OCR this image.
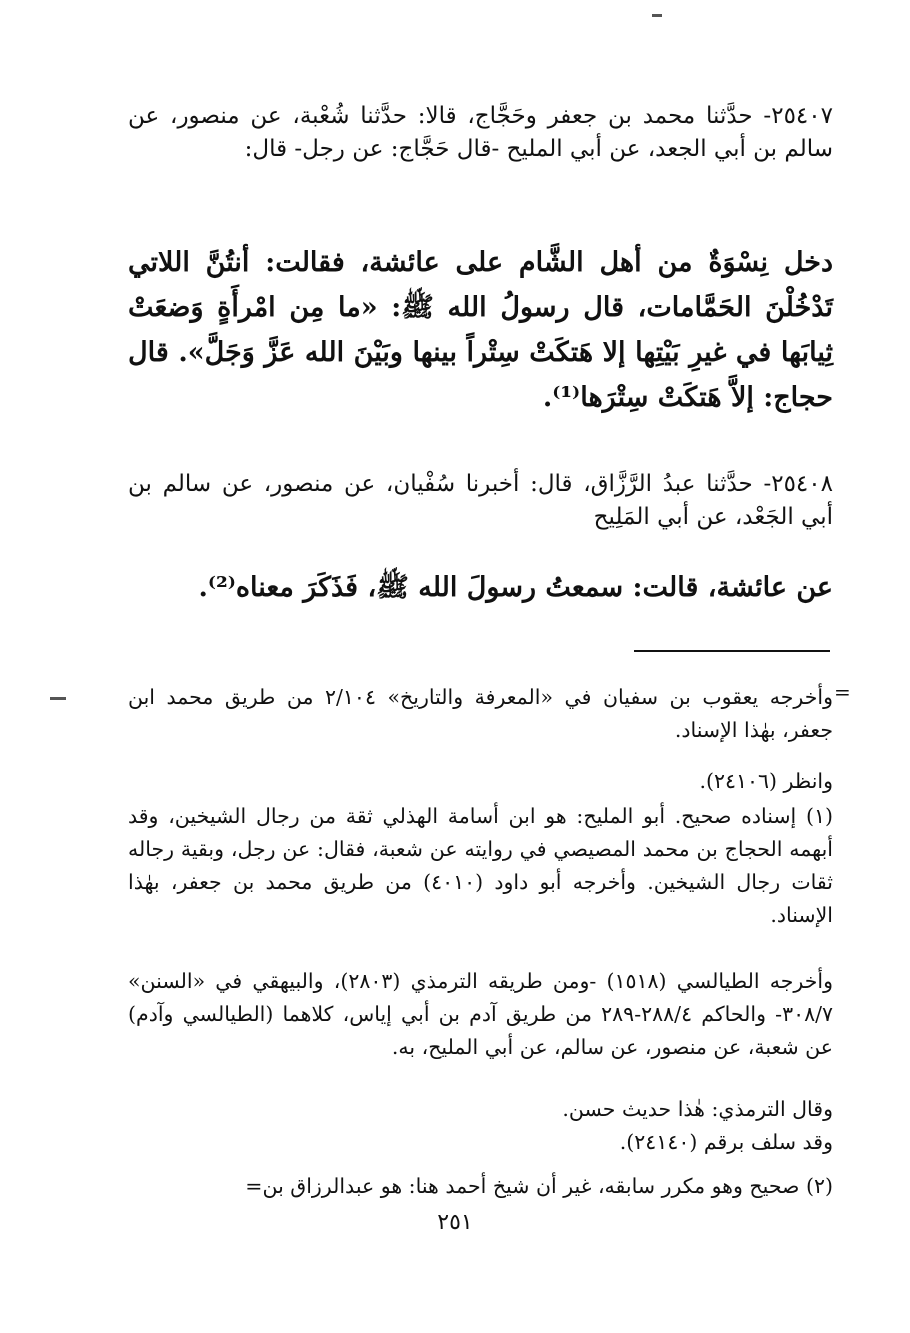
٢٥٤٠٧- حدَّثنا محمد بن جعفر وحَجَّاج، قالا: حدَّثنا شُعْبة، عن منصور، عن سالم بن أبي الجعد، عن أبي المليح -قال حَجَّاج: عن رجل- قال:
دخل نِسْوَةٌ من أهل الشَّام على عائشة، فقالت: أنتُنَّ اللاتي تَدْخُلْنَ الحَمَّامات، قال رسولُ الله ﷺ: «ما مِن امْرأَةٍ وَضعَتْ ثِيابَها في غيرِ بَيْتِها إلا هَتكَتْ سِتْراً بينها وبَيْنَ الله عَزَّ وَجَلَّ». قال حجاج: إلاَّ هَتكَتْ سِتْرَها⁽¹⁾.
٢٥٤٠٨- حدَّثنا عبدُ الرَّزَّاق، قال: أخبرنا سُفْيان، عن منصور، عن سالم بن أبي الجَعْد، عن أبي المَلِيح
عن عائشة، قالت: سمعتُ رسولَ الله ﷺ، فَذَكَرَ معناه⁽²⁾.
=
وأخرجه يعقوب بن سفيان في «المعرفة والتاريخ» ٢/١٠٤ من طريق محمد ابن جعفر، بهٰذا الإسناد.
وانظر (٢٤١٠٦).
(١) إسناده صحيح. أبو المليح: هو ابن أسامة الهذلي ثقة من رجال الشيخين، وقد أبهمه الحجاج بن محمد المصيصي في روايته عن شعبة، فقال: عن رجل، وبقية رجاله ثقات رجال الشيخين. وأخرجه أبو داود (٤٠١٠) من طريق محمد بن جعفر، بهٰذا الإسناد.
وأخرجه الطيالسي (١٥١٨) -ومن طريقه الترمذي (٢٨٠٣)، والبيهقي في «السنن» ٣٠٨/٧- والحاكم ٢٨٨/٤-٢٨٩ من طريق آدم بن أبي إياس، كلاهما (الطيالسي وآدم) عن شعبة، عن منصور، عن سالم، عن أبي المليح، به.
وقال الترمذي: هٰذا حديث حسن.
وقد سلف برقم (٢٤١٤٠).
(٢) صحيح وهو مكرر سابقه، غير أن شيخ أحمد هنا: هو عبدالرزاق بن=
٢٥١
